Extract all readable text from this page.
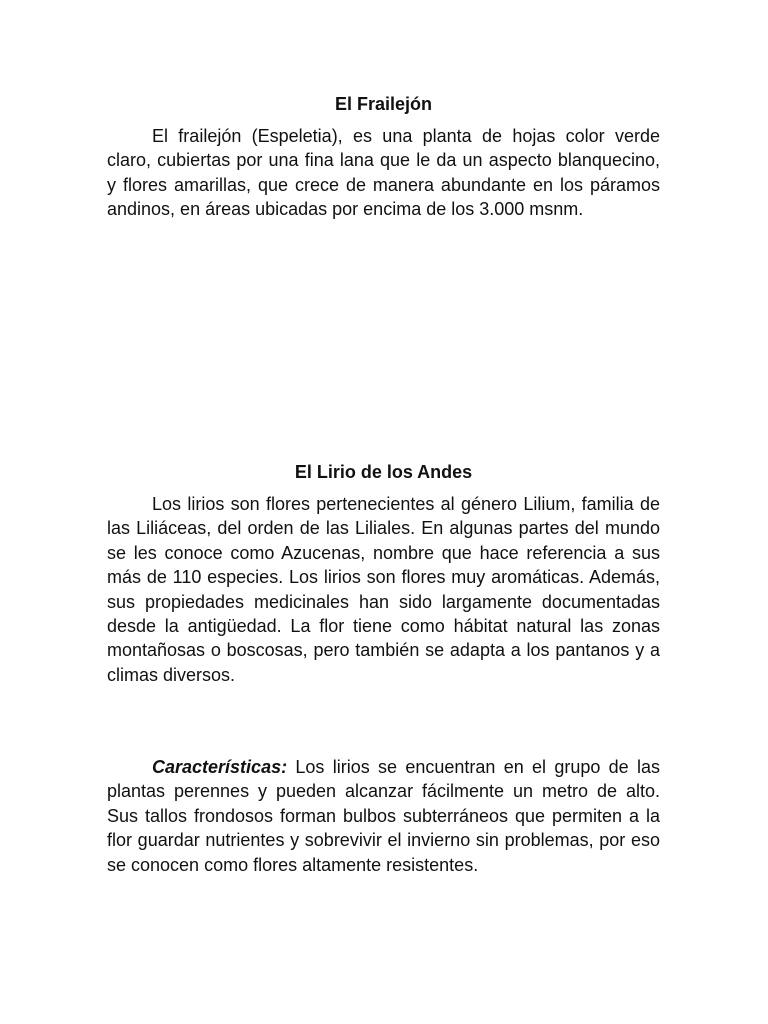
El Frailejón

El frailejón (Espeletia), es una planta de hojas color verde claro, cubiertas por una fina lana que le da un aspecto blanquecino, y flores amarillas, que crece de manera abundante en los páramos andinos, en áreas ubicadas por encima de los 3.000 msnm.

El Lirio de los Andes

Los lirios son flores pertenecientes al género Lilium, familia de las Liliáceas, del orden de las Liliales. En algunas partes del mundo se les conoce como Azucenas, nombre que hace referencia a sus más de 110 especies. Los lirios son flores muy aromáticas. Además, sus propiedades medicinales han sido largamente documentadas desde la antigüedad. La flor tiene como hábitat natural las zonas montañosas o boscosas, pero también se adapta a los pantanos y a climas diversos.

Características: Los lirios se encuentran en el grupo de las plantas perennes y pueden alcanzar fácilmente un metro de alto. Sus tallos frondosos forman bulbos subterráneos que permiten a la flor guardar nutrientes y sobrevivir el invierno sin problemas, por eso se conocen como flores altamente resistentes.
